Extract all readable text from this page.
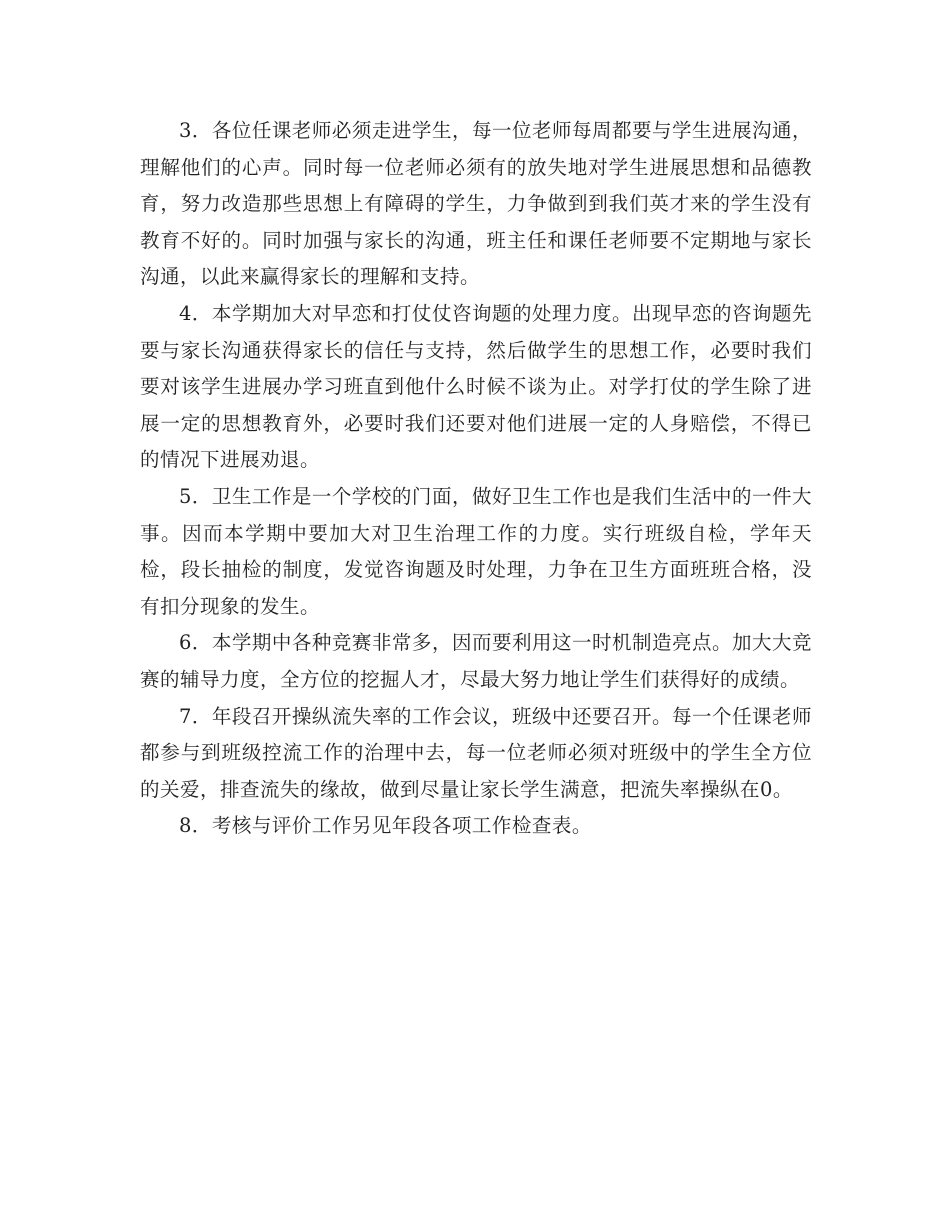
3．各位任课老师必须走进学生，每一位老师每周都要与学生进展沟通，理解他们的心声。同时每一位老师必须有的放失地对学生进展思想和品德教育，努力改造那些思想上有障碍的学生，力争做到到我们英才来的学生没有教育不好的。同时加强与家长的沟通，班主任和课任老师要不定期地与家长沟通，以此来赢得家长的理解和支持。

4．本学期加大对早恋和打仗仗咨询题的处理力度。出现早恋的咨询题先要与家长沟通获得家长的信任与支持，然后做学生的思想工作，必要时我们要对该学生进展办学习班直到他什么时候不谈为止。对学打仗的学生除了进展一定的思想教育外，必要时我们还要对他们进展一定的人身赔偿，不得已的情况下进展劝退。

5．卫生工作是一个学校的门面，做好卫生工作也是我们生活中的一件大事。因而本学期中要加大对卫生治理工作的力度。实行班级自检，学年天检，段长抽检的制度，发觉咨询题及时处理，力争在卫生方面班班合格，没有扣分现象的发生。

6．本学期中各种竞赛非常多，因而要利用这一时机制造亮点。加大大竞赛的辅导力度，全方位的挖掘人才，尽最大努力地让学生们获得好的成绩。

7．年段召开操纵流失率的工作会议，班级中还要召开。每一个任课老师都参与到班级控流工作的治理中去，每一位老师必须对班级中的学生全方位的关爱，排查流失的缘故，做到尽量让家长学生满意，把流失率操纵在0。

8．考核与评价工作另见年段各项工作检查表。
